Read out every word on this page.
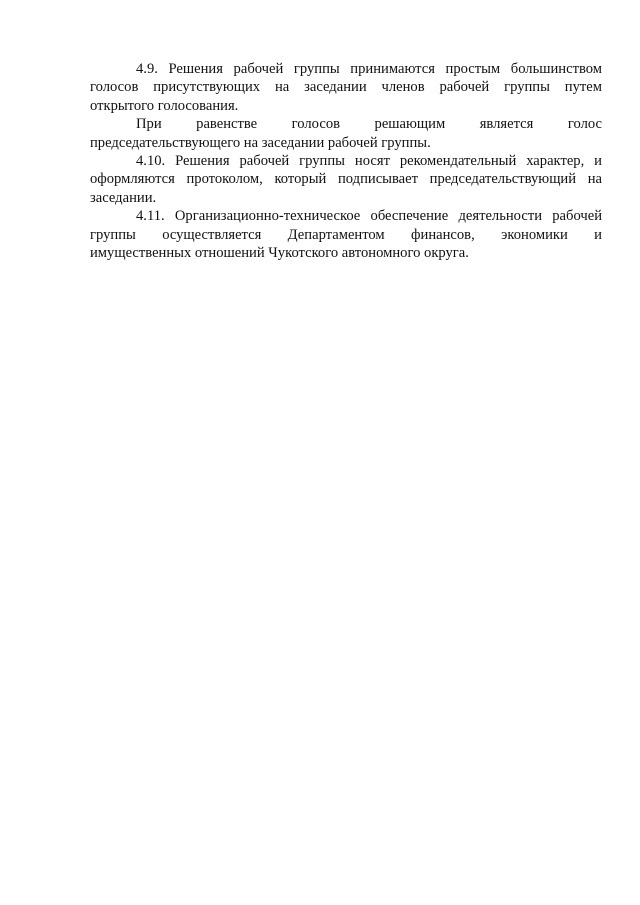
4.9. Решения рабочей группы принимаются простым большинством
голосов присутствующих на заседании членов рабочей группы путем
открытого голосования.
При равенстве голосов решающим является голос
председательствующего на заседании рабочей группы.
4.10. Решения рабочей группы носят рекомендательный характер, и
оформляются протоколом, который подписывает председательствующий на
заседании.
4.11. Организационно-техническое обеспечение деятельности рабочей
группы осуществляется Департаментом финансов, экономики и
имущественных отношений Чукотского автономного округа.
